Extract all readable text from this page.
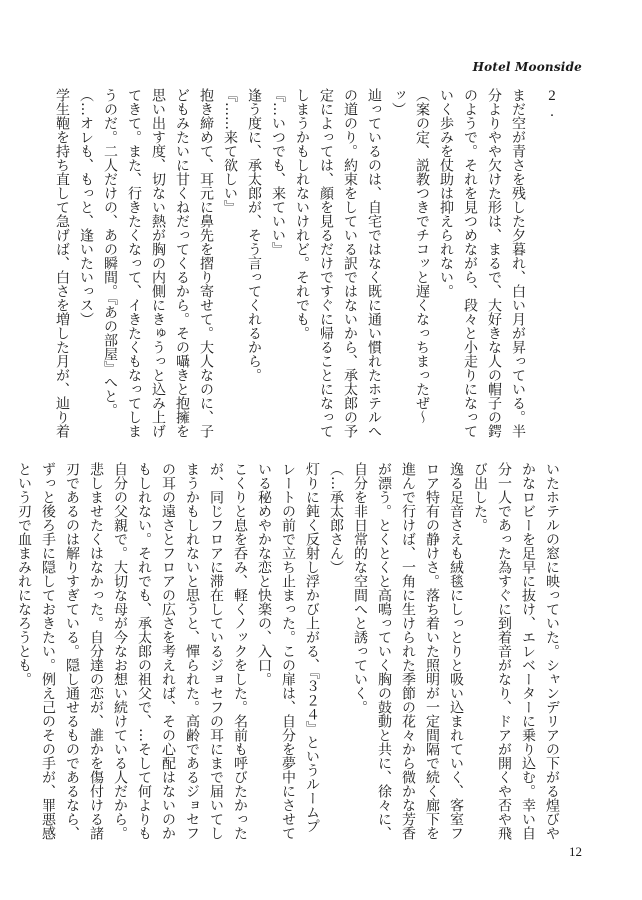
Hotel Moonside

2.

まだ空が青さを残した夕暮れ、白い月が昇っている。半分よりやや欠けた形は、まるで、大好きな人の帽子の鍔のようで。それを見つめながら、段々と小走りになっていく歩みを仗助は抑えられない。

（案の定、説教つきでチコッと遅くなっちまったぜ〜ッ）

辿っているのは、自宅ではなく既に通い慣れたホテルへの道のり。約束をしている訳ではないから、承太郎の予定によっては、顔を見るだけですぐに帰ることになってしまうかもしれないけれど。それでも。

『…いつでも、来ていい』

逢う度に、承太郎が、そう言ってくれるから。

『……来て欲しい』

抱き締めて、耳元に鼻先を摺り寄せて。大人なのに、子どもみたいに甘くねだってくるから。その囁きと抱擁を思い出す度、切ない熱が胸の内側にきゅうっと込み上げてきて。また、行きたくなって、イきたくもなってしまうのだ。二人だけの、あの瞬間。『あの部屋』へと。

（…オレも、もっと、逢いたいっス）

学生鞄を持ち直して急げば、白さを増した月が、辿り着

いたホテルの窓に映っていた。シャンデリアの下がる煌びやかなロビーを足早に抜け、エレベーターに乗り込む。幸い自分一人であった為すぐに到着音がなり、ドアが開くや否や飛び出した。

逸る足音さえも絨毯にしっとりと吸い込まれていく、客室フロア特有の静けさ。落ち着いた照明が一定間隔で続く廊下を進んで行けば、一角に生けられた季節の花々から微かな芳香が漂う。とくとくと高鳴っていく胸の鼓動と共に、徐々に、自分を非日常的な空間へと誘っていく。

（…承太郎さん）

灯りに鈍く反射し浮かび上がる、『３２４』というルームプレートの前で立ち止まった。この扉は、自分を夢中にさせている秘めやかな恋と快楽の、入口。

こくりと息を呑み、軽くノックをした。名前も呼びたかったが、同じフロアに滞在しているジョセフの耳にまで届いてしまうかもしれないと思うと、憚られた。高齢であるジョセフの耳の遠さとフロアの広さを考えれば、その心配はないのかもしれない。それでも、承太郎の祖父で、…そして何よりも自分の父親で。大切な母が今なお想い続けている人だから。悲しませたくはなかった。自分達の恋が、誰かを傷付ける諸刃であるのは解りすぎている。隠し通せるものであるなら、ずっと後ろ手に隠しておきたい。例え己のその手が、罪悪感という刃で血まみれになろうとも。

12
